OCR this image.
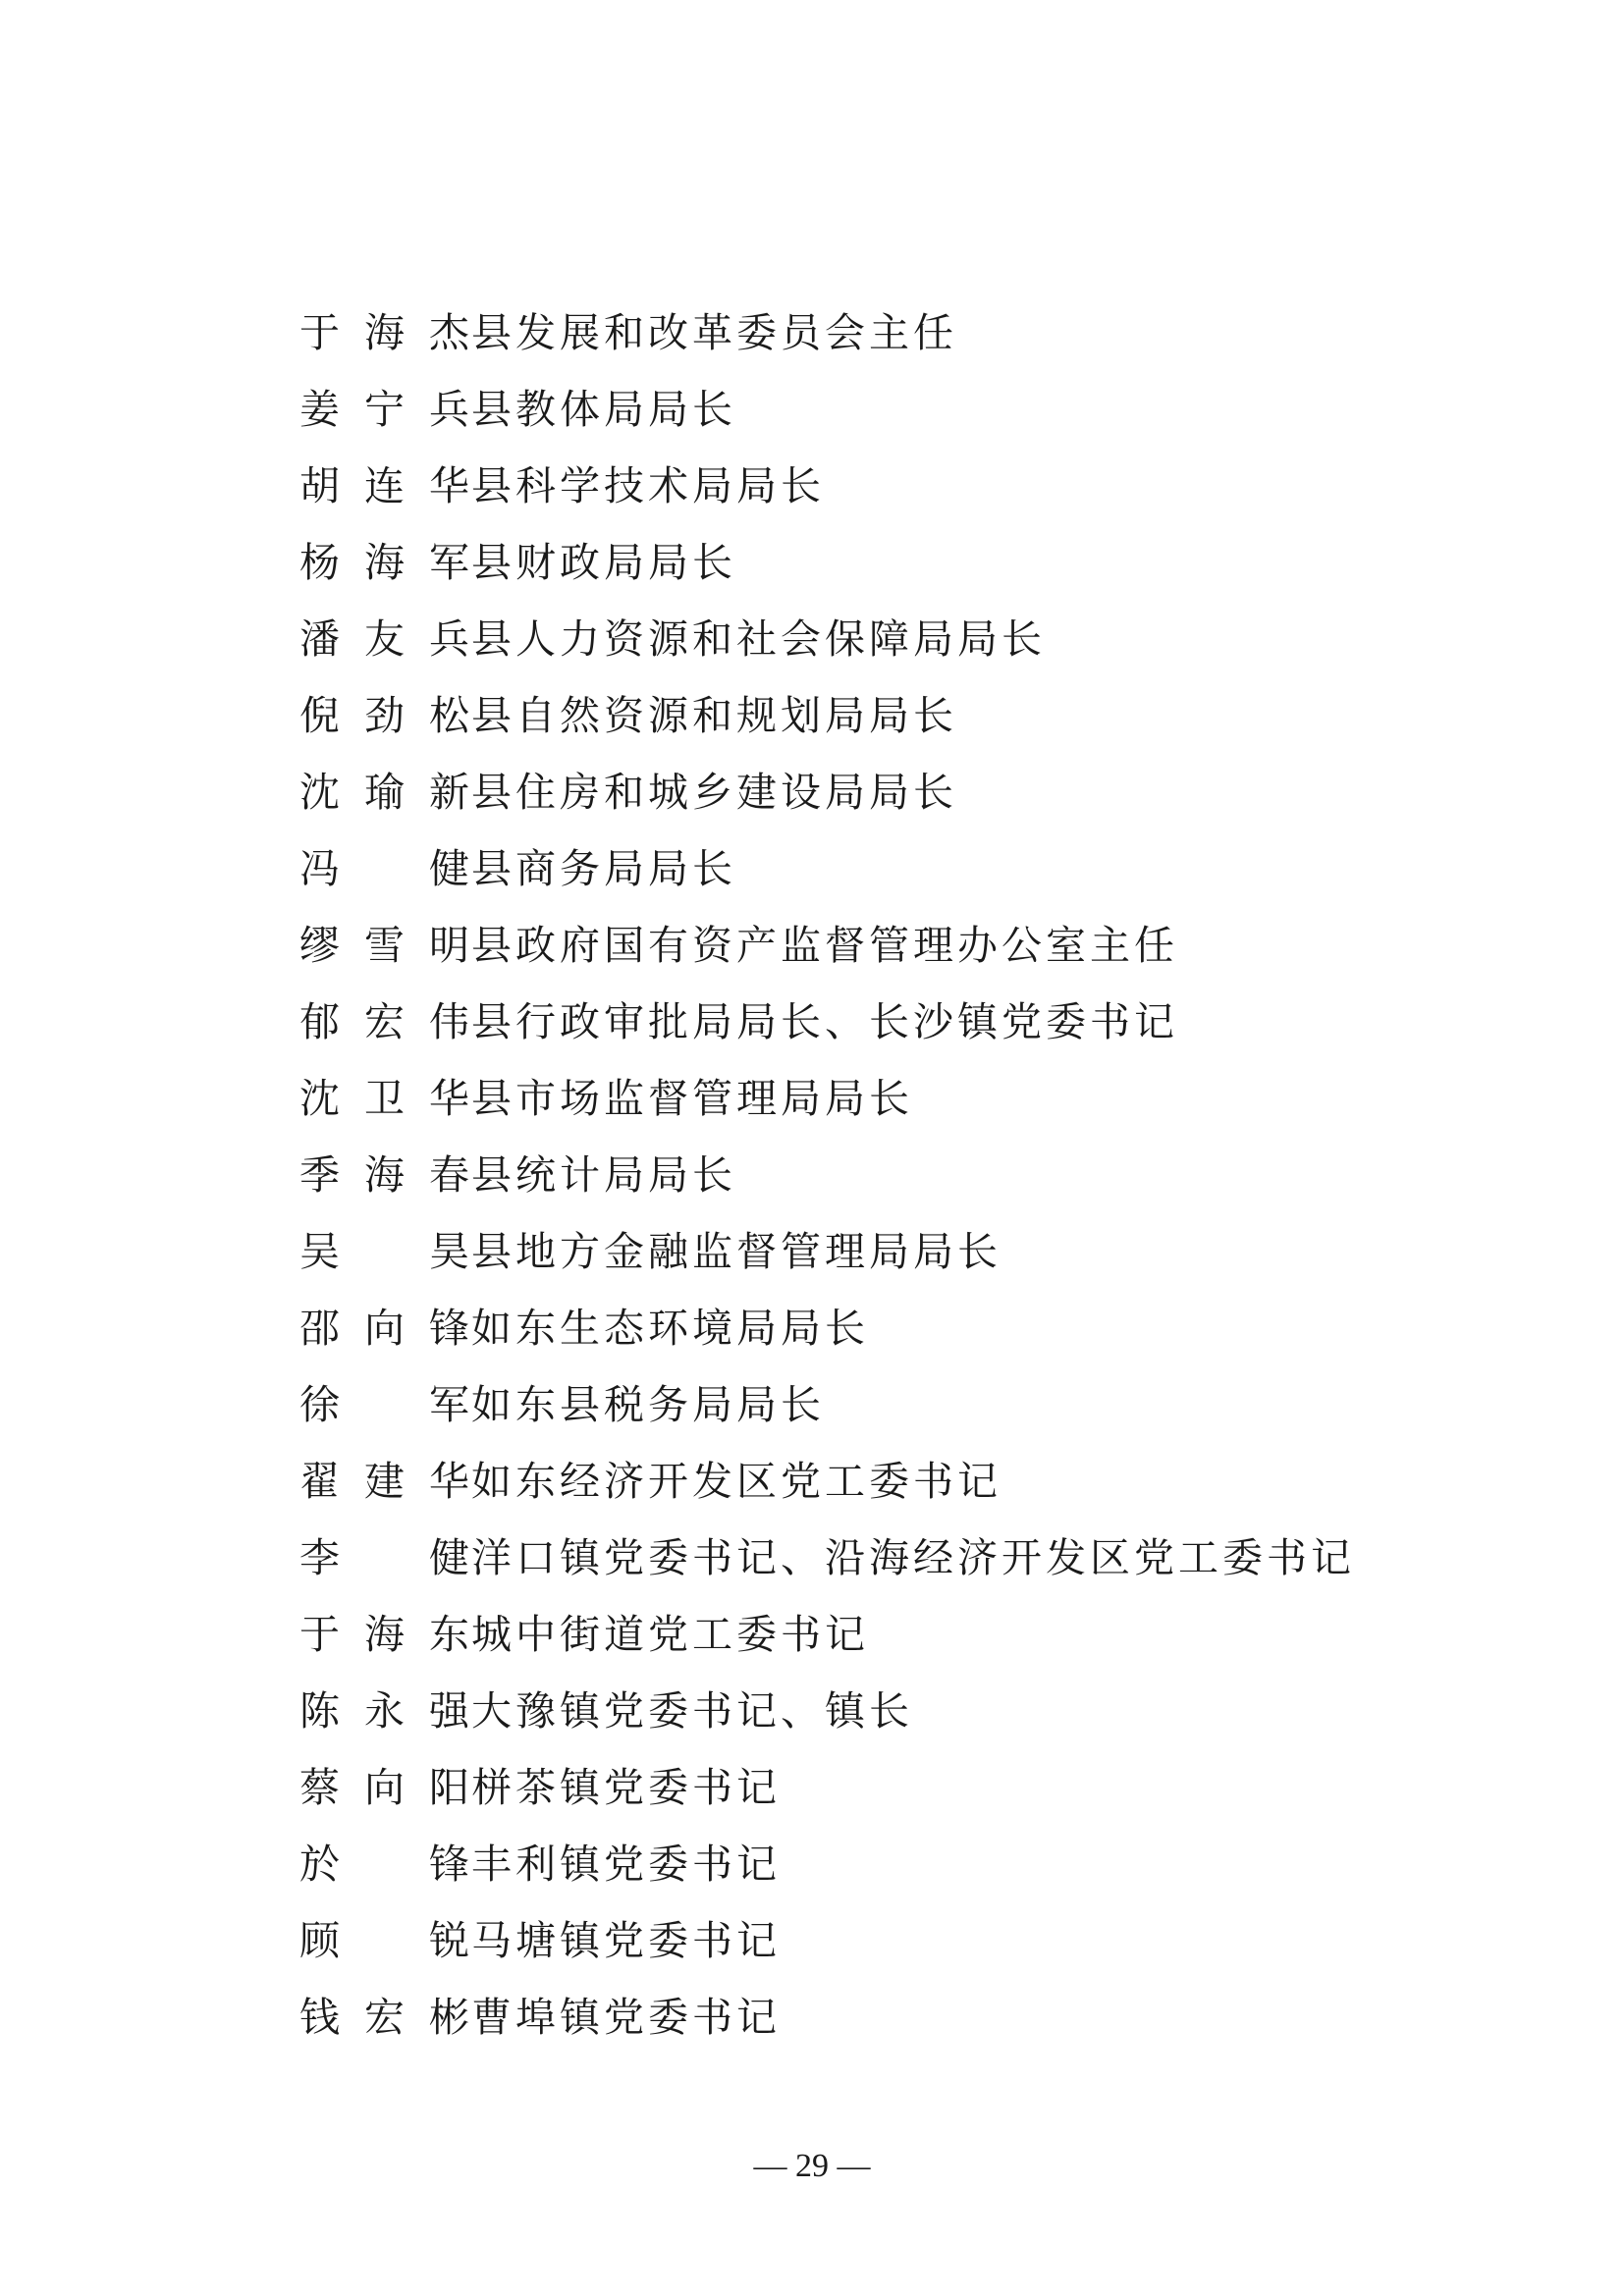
于海杰 县发展和改革委员会主任
姜宁兵 县教体局局长
胡连华 县科学技术局局长
杨海军 县财政局局长
潘友兵 县人力资源和社会保障局局长
倪劲松 县自然资源和规划局局长
沈瑜新 县住房和城乡建设局局长
冯　健 县商务局局长
缪雪明 县政府国有资产监督管理办公室主任
郁宏伟 县行政审批局局长、长沙镇党委书记
沈卫华 县市场监督管理局局长
季海春 县统计局局长
吴　昊 县地方金融监督管理局局长
邵向锋 如东生态环境局局长
徐　军 如东县税务局局长
翟建华 如东经济开发区党工委书记
李　健 洋口镇党委书记、沿海经济开发区党工委书记
于海东 城中街道党工委书记
陈永强 大豫镇党委书记、镇长
蔡向阳 栟茶镇党委书记
於　锋 丰利镇党委书记
顾　锐 马塘镇党委书记
钱宏彬 曹埠镇党委书记
— 29 —
